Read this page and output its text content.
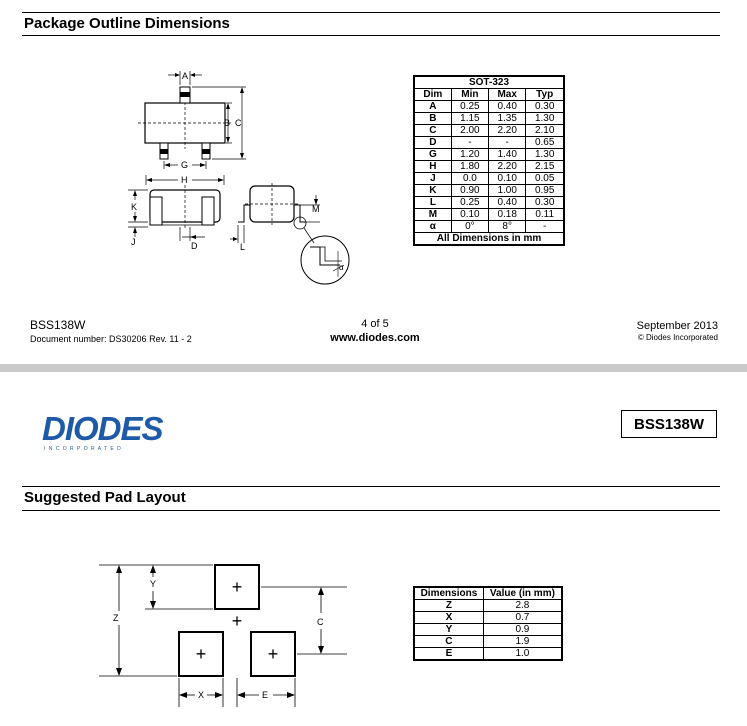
Package Outline Dimensions
A
B C
G
H
K
J	D
M
L
α
SOT-323			
Dim	Min	Max	Typ
A	0.25	0.40	0.30
B	1.15	1.35	1.30
C	2.00	2.20	2.10
D	-	-	0.65
G	1.20	1.40	1.30
H	1.80	2.20	2.15
J	0.0	0.10	0.05
K	0.90	1.00	0.95
L	0.25	0.40	0.30
M	0.10	0.18	0.11
α	0°	8°	-
All Dimensions in mm			
BSS138W
Document number: DS30206 Rev. 11 - 2
4 of 5
www.diodes.com
September 2013
© Diodes Incorporated
DIODES
I N C O R P O R A T E D
BSS138W
Suggested Pad Layout
+
+	+
+
Z
Y
C
X	E
Dimensions	Value (in mm)
Z	2.8
X	0.7
Y	0.9
C	1.9
E	1.0
